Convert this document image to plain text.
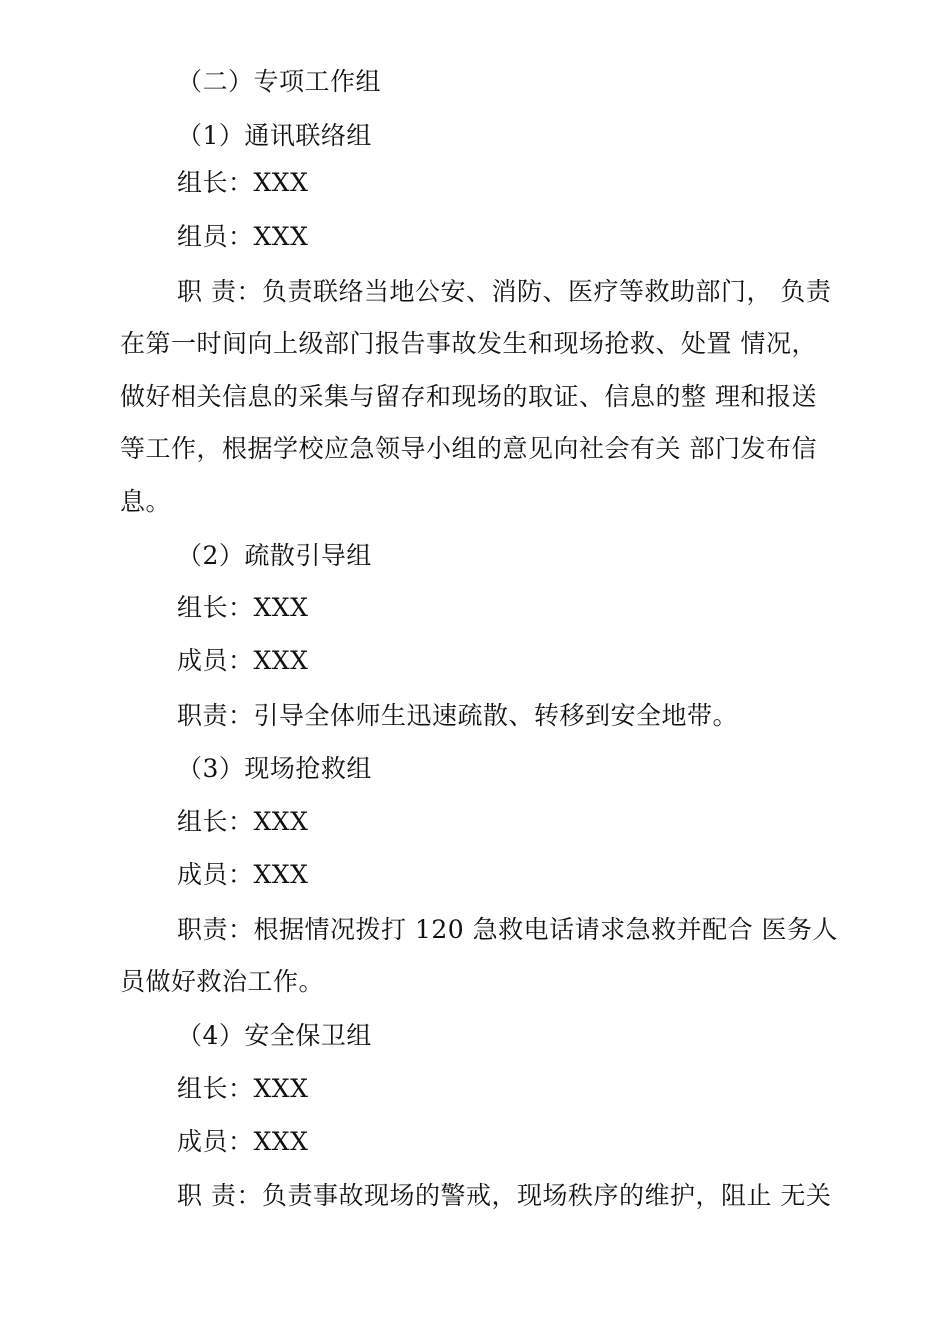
（二）专项工作组

（1）通讯联络组

组长：XXX

组员：XXX

职 责：负责联络当地公安、消防、医疗等救助部门， 负责

在第一时间向上级部门报告事故发生和现场抢救、处置 情况，

做好相关信息的采集与留存和现场的取证、信息的整 理和报送

等工作，根据学校应急领导小组的意见向社会有关 部门发布信

息。

（2）疏散引导组

组长：XXX

成员：XXX

职责：引导全体师生迅速疏散、转移到安全地带。

（3）现场抢救组

组长：XXX

成员：XXX

职责：根据情况拨打 120 急救电话请求急救并配合 医务人

员做好救治工作。

（4）安全保卫组

组长：XXX

成员：XXX

职 责：负责事故现场的警戒，现场秩序的维护，阻止 无关
